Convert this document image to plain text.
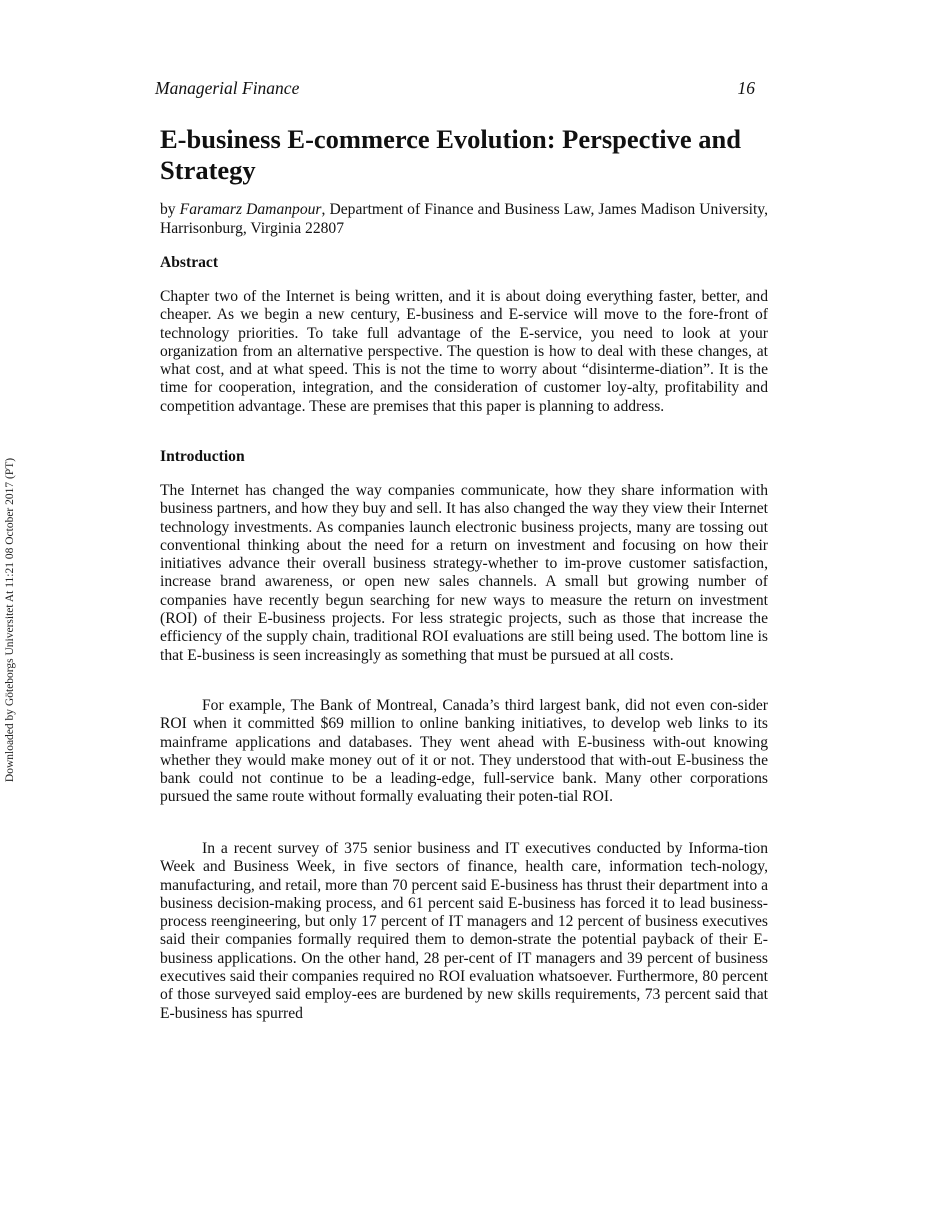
Managerial Finance	16
Downloaded by Göteborgs Universitet At 11:21 08 October 2017 (PT)
E-business E-commerce Evolution: Perspective and Strategy

by Faramarz Damanpour, Department of Finance and Business Law, James Madison University, Harrisonburg, Virginia 22807

Abstract

Chapter two of the Internet is being written, and it is about doing everything faster, better, and cheaper. As we begin a new century, E-business and E-service will move to the fore-front of technology priorities. To take full advantage of the E-service, you need to look at your organization from an alternative perspective. The question is how to deal with these changes, at what cost, and at what speed. This is not the time to worry about “disinterme-diation”. It is the time for cooperation, integration, and the consideration of customer loy-alty, profitability and competition advantage. These are premises that this paper is planning to address.

Introduction

The Internet has changed the way companies communicate, how they share information with business partners, and how they buy and sell. It has also changed the way they view their Internet technology investments. As companies launch electronic business projects, many are tossing out conventional thinking about the need for a return on investment and focusing on how their initiatives advance their overall business strategy-whether to im-prove customer satisfaction, increase brand awareness, or open new sales channels. A small but growing number of companies have recently begun searching for new ways to measure the return on investment (ROI) of their E-business projects. For less strategic projects, such as those that increase the efficiency of the supply chain, traditional ROI evaluations are still being used. The bottom line is that E-business is seen increasingly as something that must be pursued at all costs.

For example, The Bank of Montreal, Canada’s third largest bank, did not even con-sider ROI when it committed $69 million to online banking initiatives, to develop web links to its mainframe applications and databases. They went ahead with E-business with-out knowing whether they would make money out of it or not. They understood that with-out E-business the bank could not continue to be a leading-edge, full-service bank. Many other corporations pursued the same route without formally evaluating their poten-tial ROI.

In a recent survey of 375 senior business and IT executives conducted by Informa-tion Week and Business Week, in five sectors of finance, health care, information tech-nology, manufacturing, and retail, more than 70 percent said E-business has thrust their department into a business decision-making process, and 61 percent said E-business has forced it to lead business-process reengineering, but only 17 percent of IT managers and 12 percent of business executives said their companies formally required them to demon-strate the potential payback of their E-business applications. On the other hand, 28 per-cent of IT managers and 39 percent of business executives said their companies required no ROI evaluation whatsoever. Furthermore, 80 percent of those surveyed said employ-ees are burdened by new skills requirements, 73 percent said that E-business has spurred
